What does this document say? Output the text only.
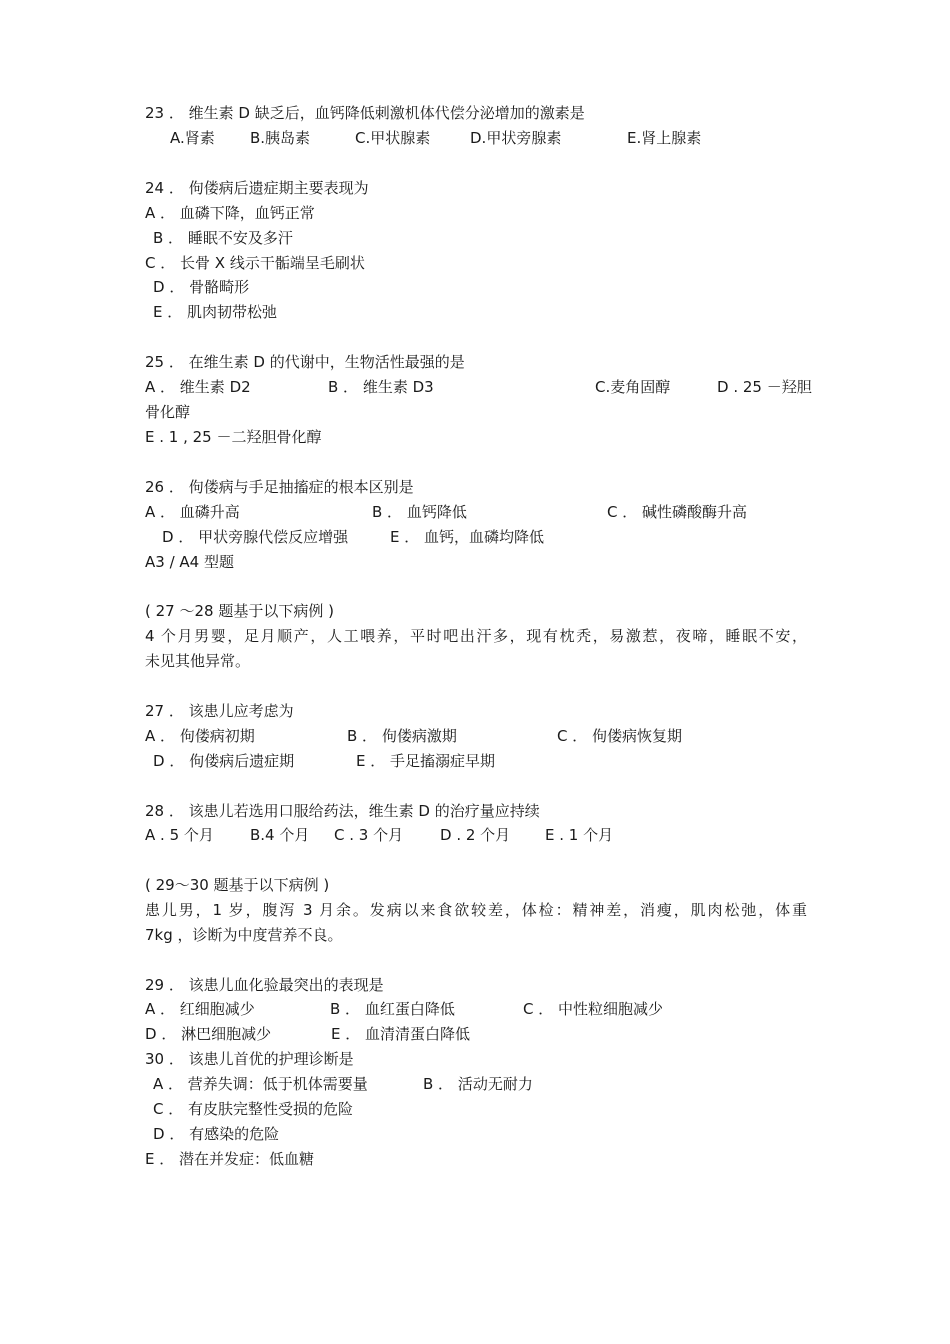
23 ． 维生素 D 缺乏后，血钙降低刺激机体代偿分泌增加的激素是
A.肾素 B.胰岛素	C.甲状腺素	D.甲状旁腺素	E.肾上腺素
24 ． 佝偻病后遗症期主要表现为
A ． 血磷下降，血钙正常
B ． 睡眠不安及多汗
C ． 长骨 X 线示干骺端呈毛刷状
D ． 骨骼畸形
E ． 肌肉韧带松弛
25 ． 在维生素 D 的代谢中，生物活性最强的是
A ． 维生素 D2	B ． 维生素 D3	C.麦角固醇	D . 25 －羟胆
骨化醇
E . 1 , 25 －二羟胆骨化醇
26 ． 佝偻病与手足抽搐症的根本区别是
A ． 血磷升高	B ． 血钙降低	C ． 碱性磷酸酶升高
D ． 甲状旁腺代偿反应增强	E ． 血钙，血磷均降低
A3 / A4 型题
( 27 ～28 题基于以下病例 )
4 个月男婴，足月顺产，人工喂养，平时吧出汗多，现有枕秃，易激惹，夜啼，睡眠不安，
未见其他异常。
27 ． 该患儿应考虑为
A ． 佝偻病初期	B ． 佝偻病激期	C ． 佝偻病恢复期
D ． 佝偻病后遗症期	E ． 手足搐溺症早期
28 ． 该患儿若选用口服给药法，维生素 D 的治疗量应持续
A . 5 个月 B.4 个月 C . 3 个月 D . 2 个月 E . 1 个月
( 29～30 题基于以下病例 )
患儿男，1 岁，腹泻 3 月余。发病以来食欲较差，体检：精神差，消瘦，肌肉松弛，体重
7kg ，诊断为中度营养不良。
29 ． 该患儿血化验最突出的表现是
A ． 红细胞减少	B ． 血红蛋白降低	C ． 中性粒细胞减少
D ． 淋巴细胞减少	E ． 血清清蛋白降低
30 ． 该患儿首优的护理诊断是
A ． 营养失调：低于机体需要量	B ． 活动无耐力
C ． 有皮肤完整性受损的危险
D ． 有感染的危险
E ． 潜在并发症：低血糖
